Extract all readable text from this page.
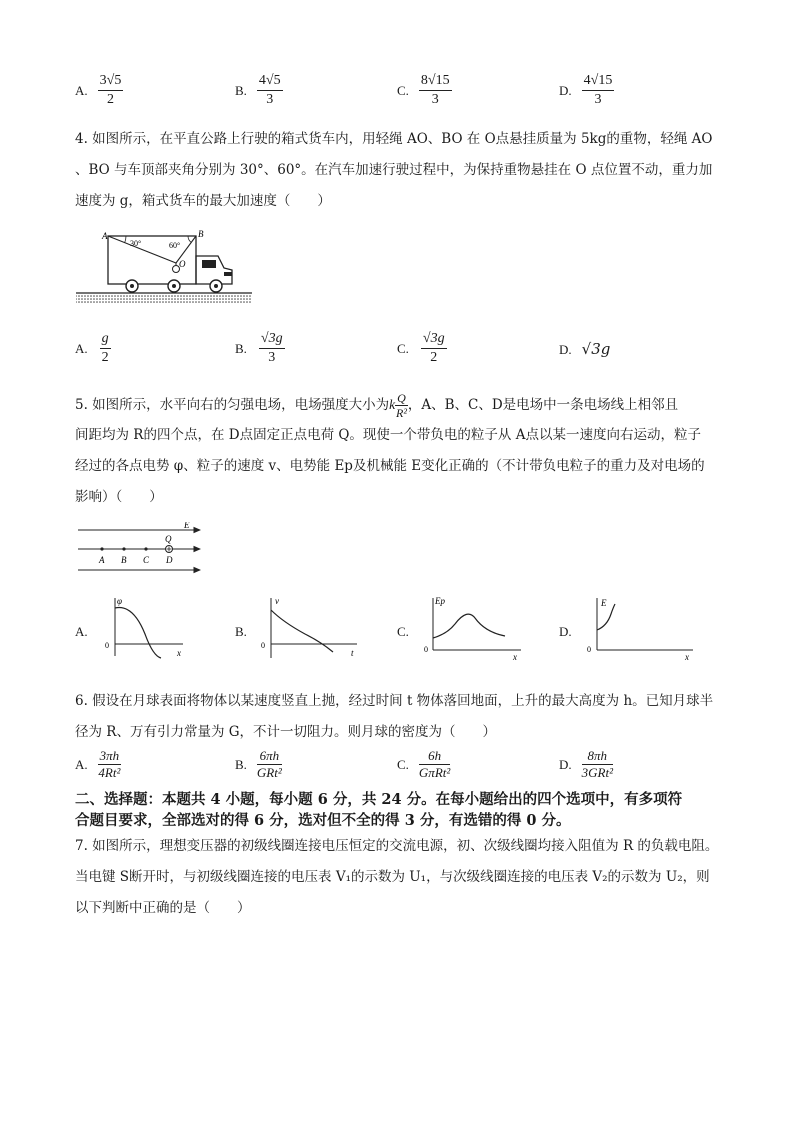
A. $\frac{3√5}{2}$	B. $\frac{4√5}{3}$	C. $\frac{8√15}{3}$	D. $\frac{4√15}{3}$
4. 如图所示，在平直公路上行驶的箱式货车内，用轻绳 AO、BO 在 O点悬挂质量为 5kg的重物，轻绳 AO
、BO 与车顶部夹角分别为 30°、60°。在汽车加速行驶过程中，为保持重物悬挂在 O 点位置不动，重力加
速度为 g，箱式货车的最大加速度（　　）
A	B
30°	60°
O
A. $\frac{g}{2}$	B. $\frac{√3g}{3}$	C. $\frac{√3g}{2}$	D. √3g
5. 如图所示，水平向右的匀强电场，电场强度大小为k $\frac{Q}{\text{R²}}$ ，A、B、C、D是电场中一条电场线上相邻且
间距均为 R的四个点，在 D点固定正点电荷 Q。现使一个带负电的粒子从 A点以某一速度向右运动，粒子
经过的各点电势 φ、粒子的速度 v、电势能 Ep及机械能 E变化正确的（不计带负电粒子的重力及对电场的
影响）（　　）
E
Q
A B C D
A.
φ
x
0
B.
v
t
0
C.
Ep
x
0
D.
E
x
0
6. 假设在月球表面将物体以某速度竖直上抛，经过时间 t 物体落回地面，上升的最大高度为 h。已知月球半
径为 R、万有引力常量为 G，不计一切阻力。则月球的密度为（　　）
A. $\frac{3\pi h}{\text{4Rt²}}$	B. $\frac{6\pi h}{\text{GRt²}}$	C. $\frac{6h}{\text{GπRt²}}$	D. $\frac{8\pi h}{\text{3GRt²}}$
二、选择题：本题共 4 小题，每小题 6 分，共 24 分。在每小题给出的四个选项中，有多项符
合题目要求，全部选对的得 6 分，选对但不全的得 3 分，有选错的得 0 分。
7. 如图所示，理想变压器的初级线圈连接电压恒定的交流电源，初、次级线圈均接入阻值为 R 的负载电阻。
当电键 S断开时，与初级线圈连接的电压表 V₁的示数为 U₁，与次级线圈连接的电压表 V₂的示数为 U₂，则
以下判断中正确的是（　　）
